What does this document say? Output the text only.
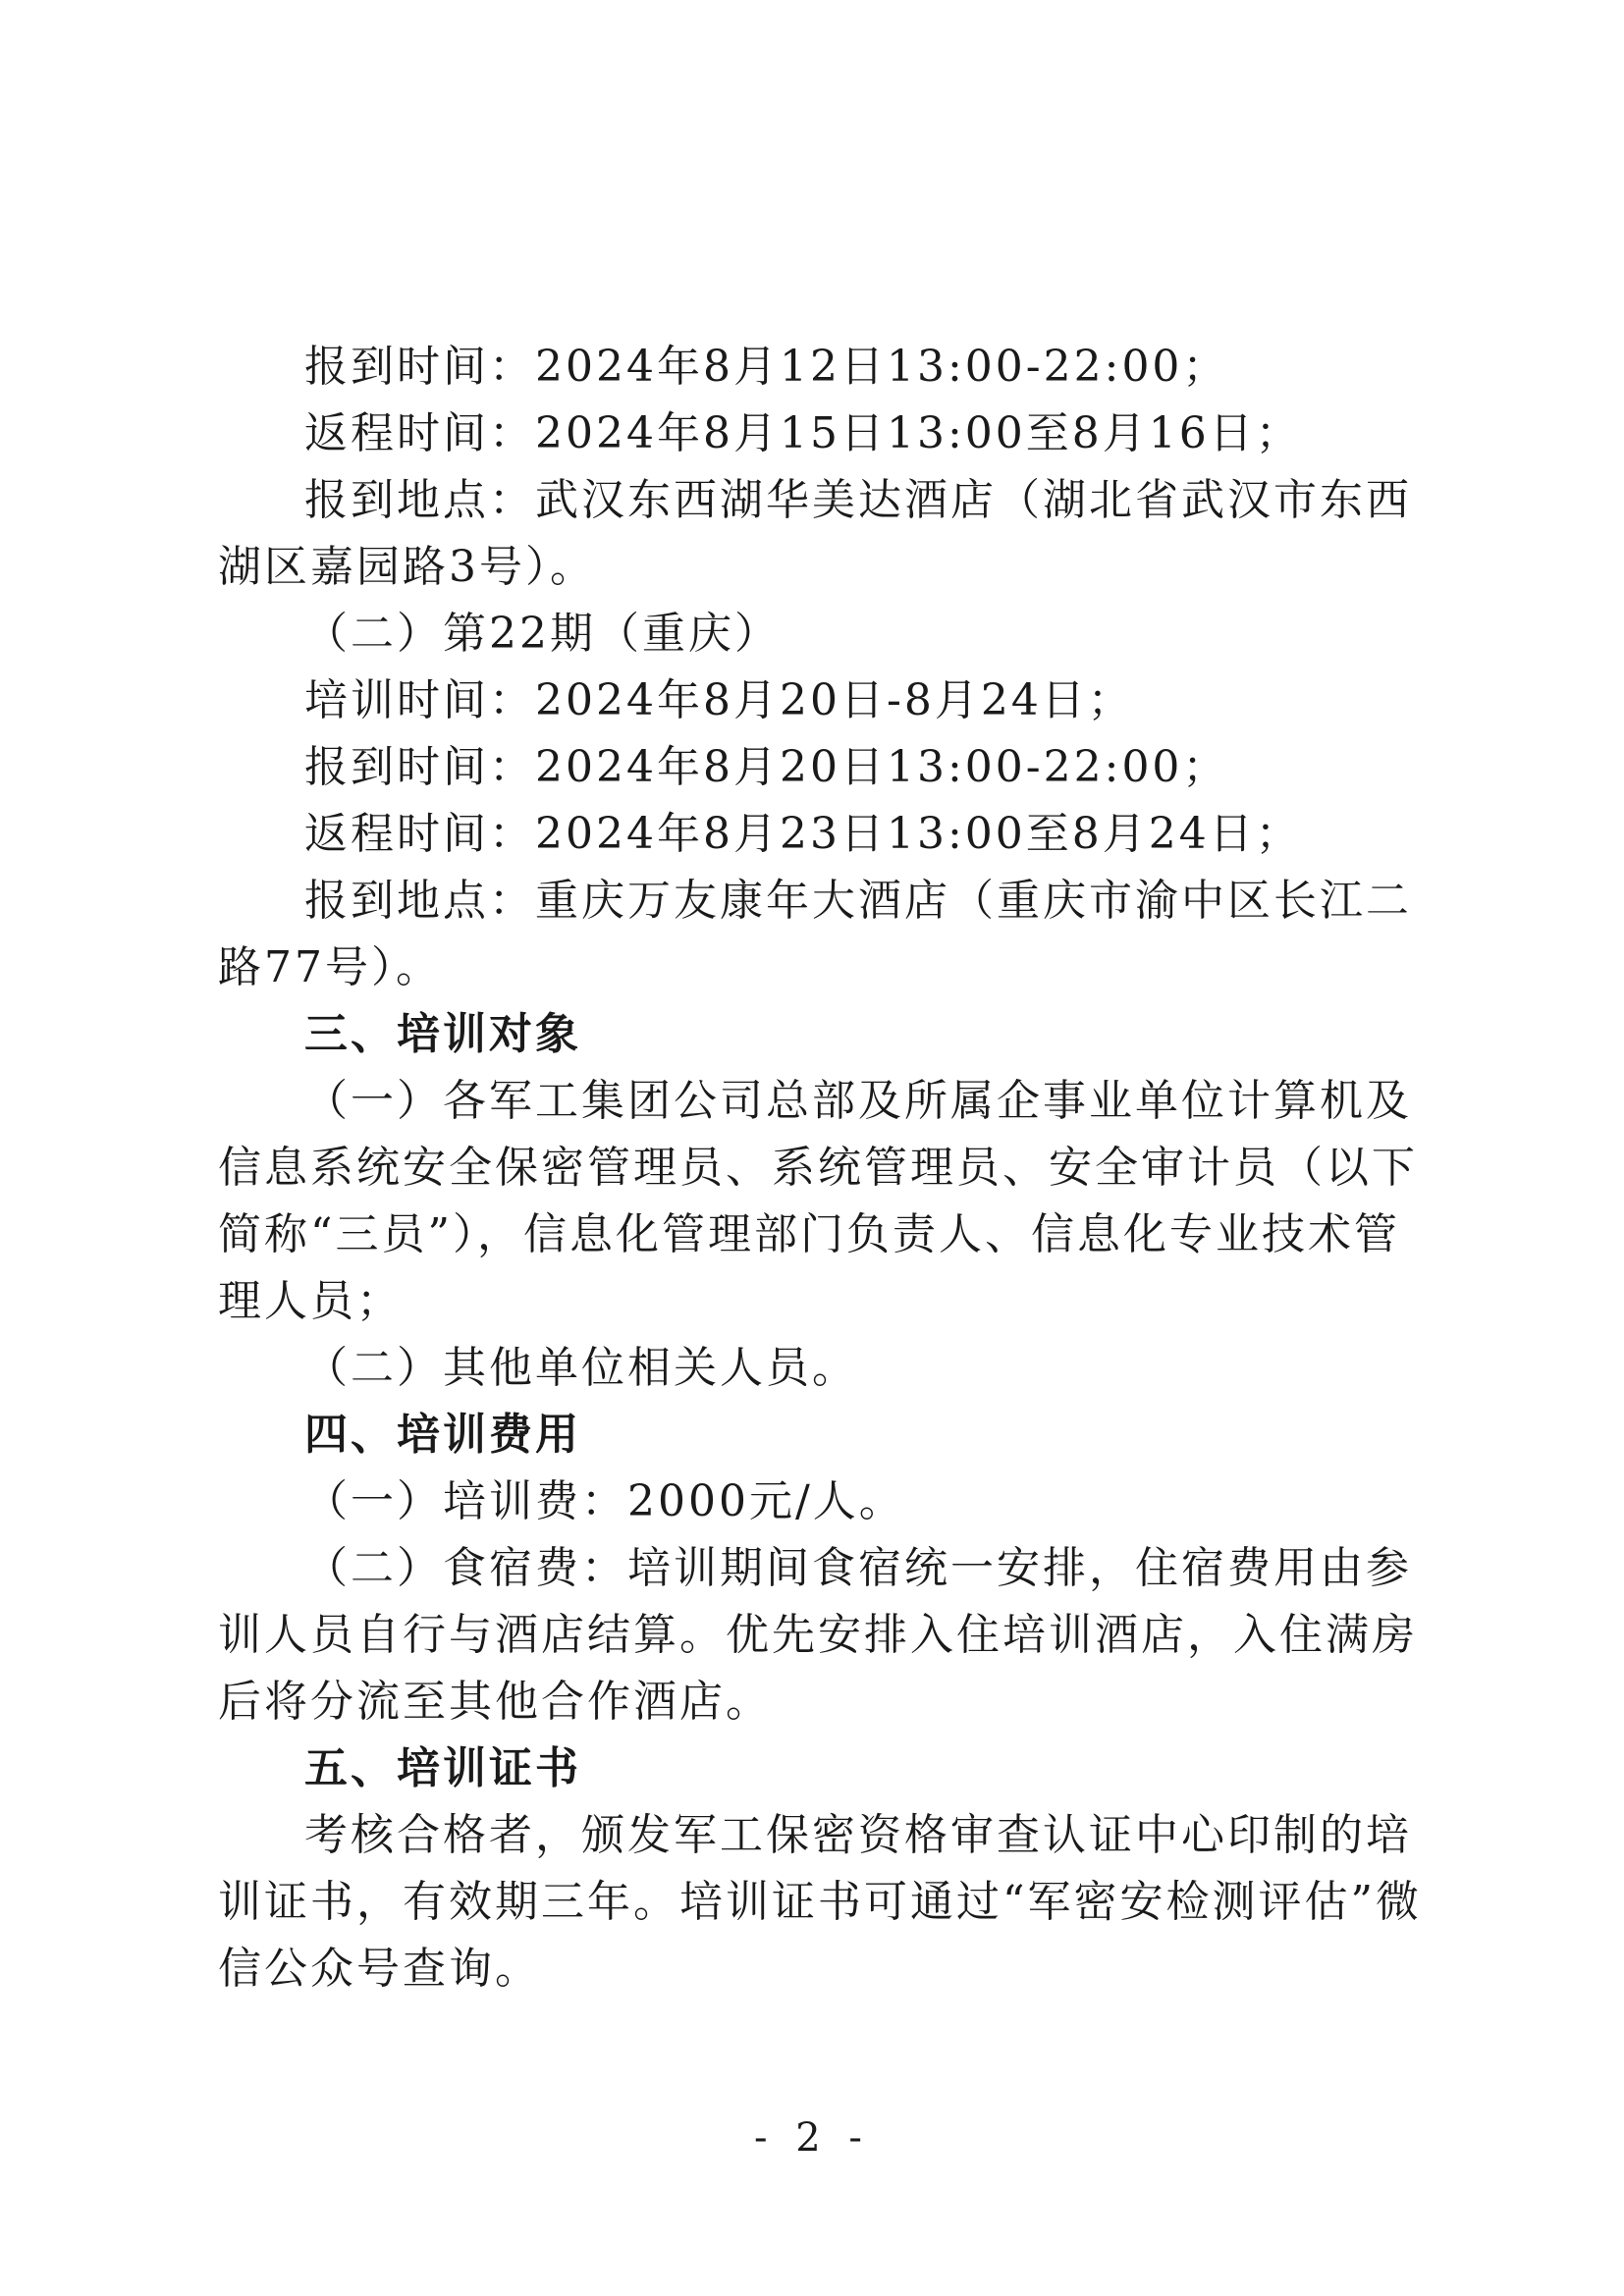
报到时间：2024年8月12日13:00-22:00；

返程时间：2024年8月15日13:00至8月16日；

报到地点：武汉东西湖华美达酒店（湖北省武汉市东西湖区嘉园路3号）。

（二）第22期（重庆）

培训时间：2024年8月20日-8月24日；

报到时间：2024年8月20日13:00-22:00；

返程时间：2024年8月23日13:00至8月24日；

报到地点：重庆万友康年大酒店（重庆市渝中区长江二路77号）。

三、培训对象

（一）各军工集团公司总部及所属企事业单位计算机及信息系统安全保密管理员、系统管理员、安全审计员（以下简称“三员”），信息化管理部门负责人、信息化专业技术管理人员；

（二）其他单位相关人员。

四、培训费用

（一）培训费：2000元/人。

（二）食宿费：培训期间食宿统一安排，住宿费用由参训人员自行与酒店结算。优先安排入住培训酒店，入住满房后将分流至其他合作酒店。

五、培训证书

考核合格者，颁发军工保密资格审查认证中心印制的培训证书，有效期三年。培训证书可通过“军密安检测评估”微信公众号查询。

- 2 -
